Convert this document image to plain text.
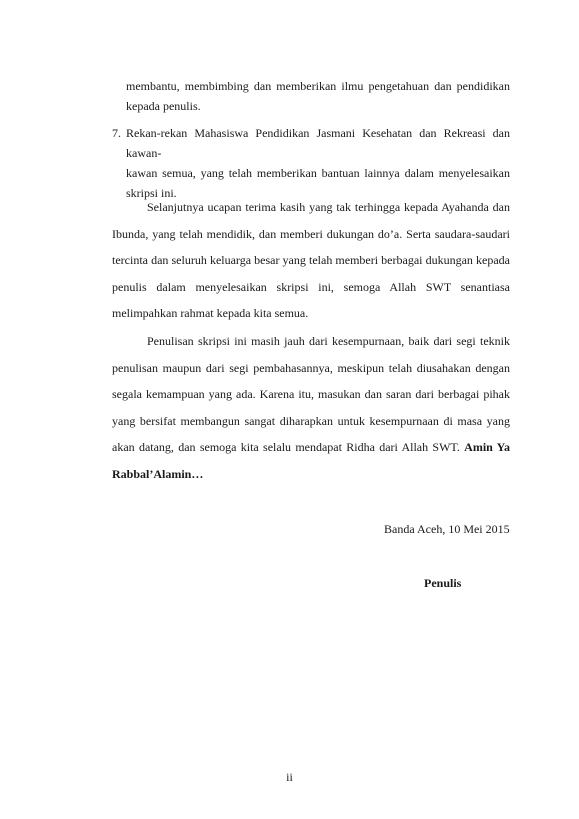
membantu, membimbing dan memberikan ilmu pengetahuan dan pendidikan
kepada penulis.
7. Rekan-rekan Mahasiswa Pendidikan Jasmani Kesehatan dan Rekreasi dan kawan-
kawan semua, yang telah memberikan bantuan lainnya dalam menyelesaikan
skripsi ini.
Selanjutnya ucapan terima kasih yang tak terhingga kepada Ayahanda dan
Ibunda, yang telah mendidik, dan memberi dukungan do’a. Serta saudara-saudari
tercinta dan seluruh keluarga besar yang telah memberi berbagai dukungan kepada
penulis dalam menyelesaikan skripsi ini, semoga Allah SWT senantiasa
melimpahkan rahmat kepada kita semua.
Penulisan skripsi ini masih jauh dari kesempurnaan, baik dari segi teknik
penulisan maupun dari segi pembahasannya, meskipun telah diusahakan dengan
segala kemampuan yang ada. Karena itu, masukan dan saran dari berbagai pihak
yang bersifat membangun sangat diharapkan untuk kesempurnaan di masa yang
akan datang, dan semoga kita selalu mendapat Ridha dari Allah SWT. Amin Ya
Rabbal’Alamin…
Banda Aceh, 10 Mei 2015
Penulis
ii
